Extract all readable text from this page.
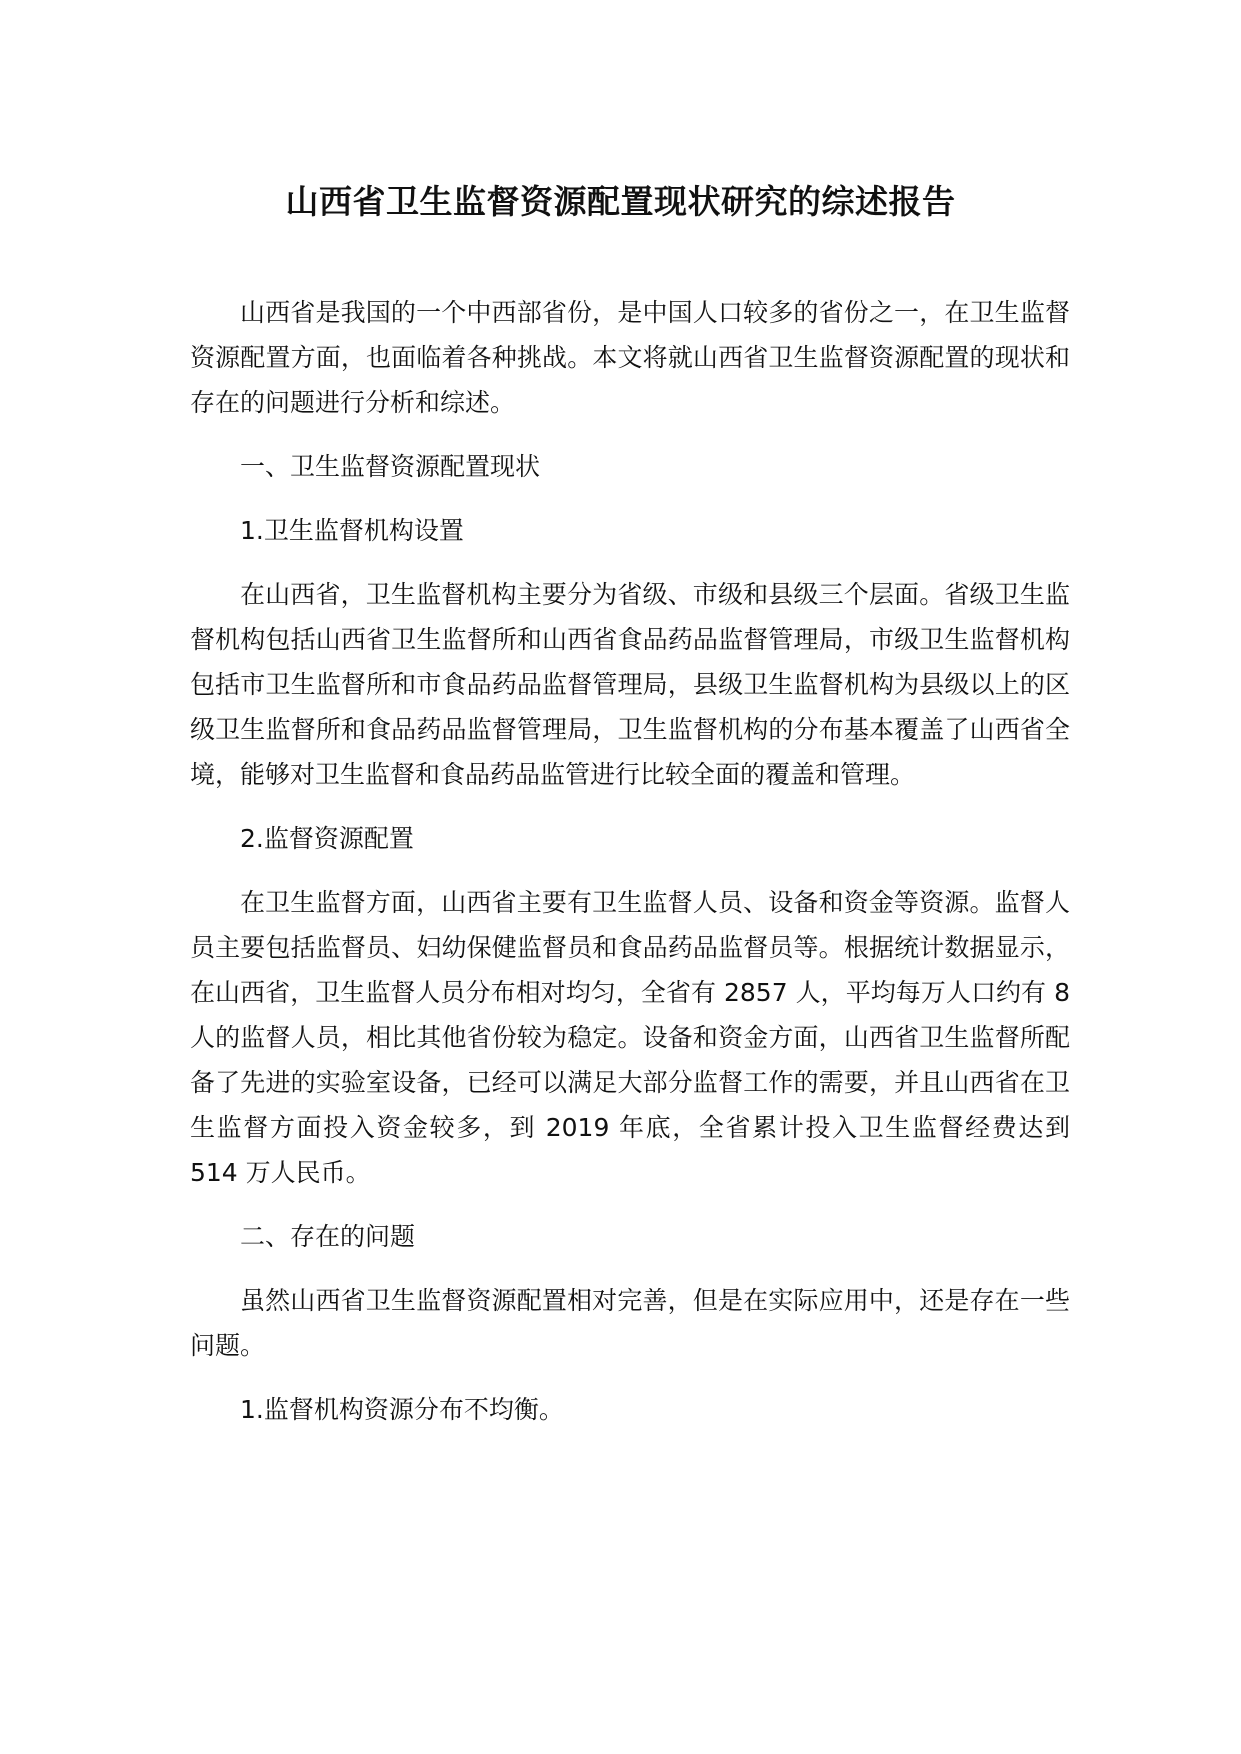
山西省卫生监督资源配置现状研究的综述报告

山西省是我国的一个中西部省份，是中国人口较多的省份之一，在卫生监督资源配置方面，也面临着各种挑战。本文将就山西省卫生监督资源配置的现状和存在的问题进行分析和综述。

一、卫生监督资源配置现状

1.卫生监督机构设置

在山西省，卫生监督机构主要分为省级、市级和县级三个层面。省级卫生监督机构包括山西省卫生监督所和山西省食品药品监督管理局，市级卫生监督机构包括市卫生监督所和市食品药品监督管理局，县级卫生监督机构为县级以上的区级卫生监督所和食品药品监督管理局，卫生监督机构的分布基本覆盖了山西省全境，能够对卫生监督和食品药品监管进行比较全面的覆盖和管理。

2.监督资源配置

在卫生监督方面，山西省主要有卫生监督人员、设备和资金等资源。监督人员主要包括监督员、妇幼保健监督员和食品药品监督员等。根据统计数据显示，在山西省，卫生监督人员分布相对均匀，全省有 2857 人，平均每万人口约有 8 人的监督人员，相比其他省份较为稳定。设备和资金方面，山西省卫生监督所配备了先进的实验室设备，已经可以满足大部分监督工作的需要，并且山西省在卫生监督方面投入资金较多，到 2019 年底，全省累计投入卫生监督经费达到 514 万人民币。

二、存在的问题

虽然山西省卫生监督资源配置相对完善，但是在实际应用中，还是存在一些问题。

1.监督机构资源分布不均衡。
